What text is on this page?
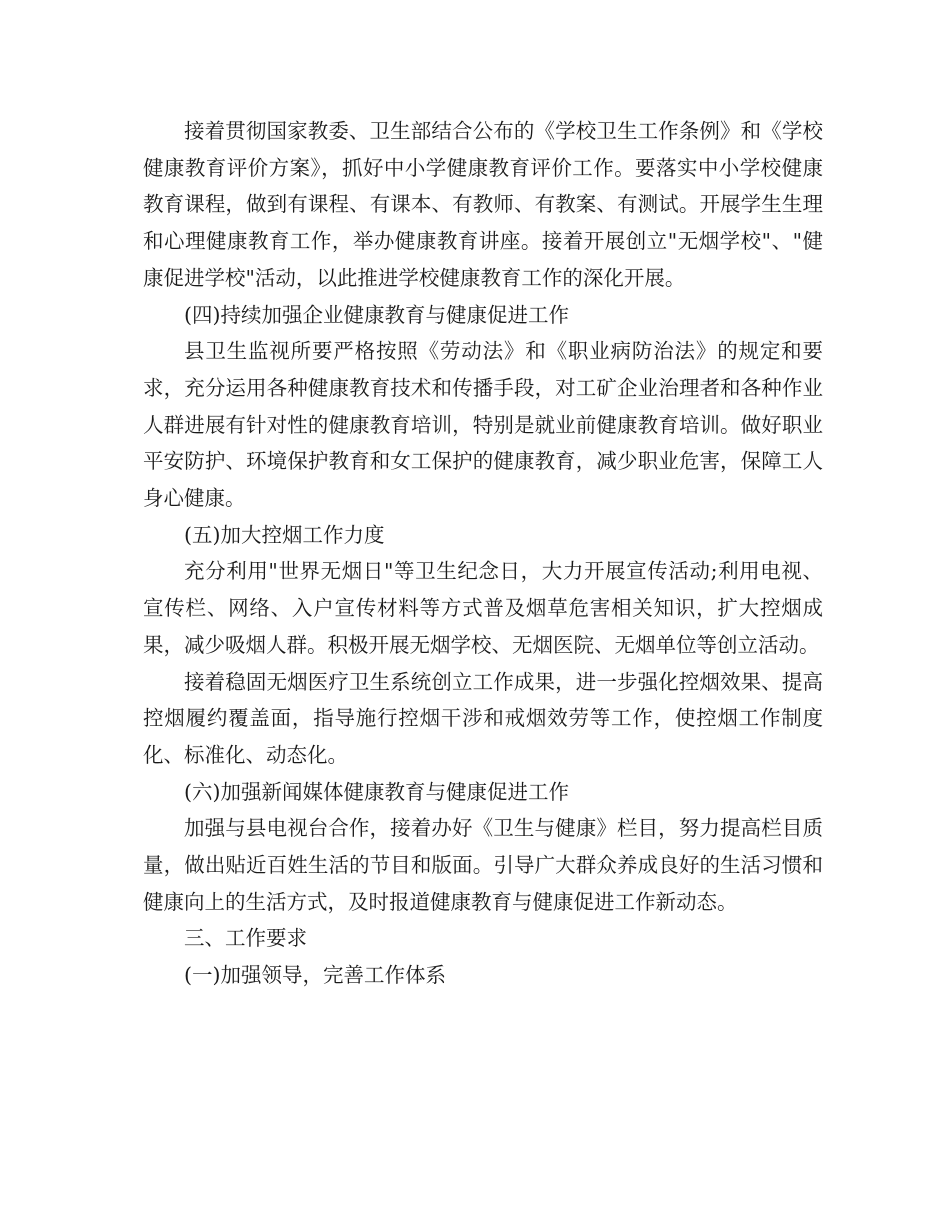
接着贯彻国家教委、卫生部结合公布的《学校卫生工作条例》和《学校健康教育评价方案》，抓好中小学健康教育评价工作。要落实中小学校健康教育课程，做到有课程、有课本、有教师、有教案、有测试。开展学生生理和心理健康教育工作，举办健康教育讲座。接着开展创立"无烟学校"、"健康促进学校"活动，以此推进学校健康教育工作的深化开展。

(四)持续加强企业健康教育与健康促进工作

县卫生监视所要严格按照《劳动法》和《职业病防治法》的规定和要求，充分运用各种健康教育技术和传播手段，对工矿企业治理者和各种作业人群进展有针对性的健康教育培训，特别是就业前健康教育培训。做好职业平安防护、环境保护教育和女工保护的健康教育，减少职业危害，保障工人身心健康。

(五)加大控烟工作力度

充分利用"世界无烟日"等卫生纪念日，大力开展宣传活动;利用电视、宣传栏、网络、入户宣传材料等方式普及烟草危害相关知识，扩大控烟成果，减少吸烟人群。积极开展无烟学校、无烟医院、无烟单位等创立活动。

接着稳固无烟医疗卫生系统创立工作成果，进一步强化控烟效果、提高控烟履约覆盖面，指导施行控烟干涉和戒烟效劳等工作，使控烟工作制度化、标准化、动态化。

(六)加强新闻媒体健康教育与健康促进工作

加强与县电视台合作，接着办好《卫生与健康》栏目，努力提高栏目质量，做出贴近百姓生活的节目和版面。引导广大群众养成良好的生活习惯和健康向上的生活方式，及时报道健康教育与健康促进工作新动态。

三、工作要求

(一)加强领导，完善工作体系
